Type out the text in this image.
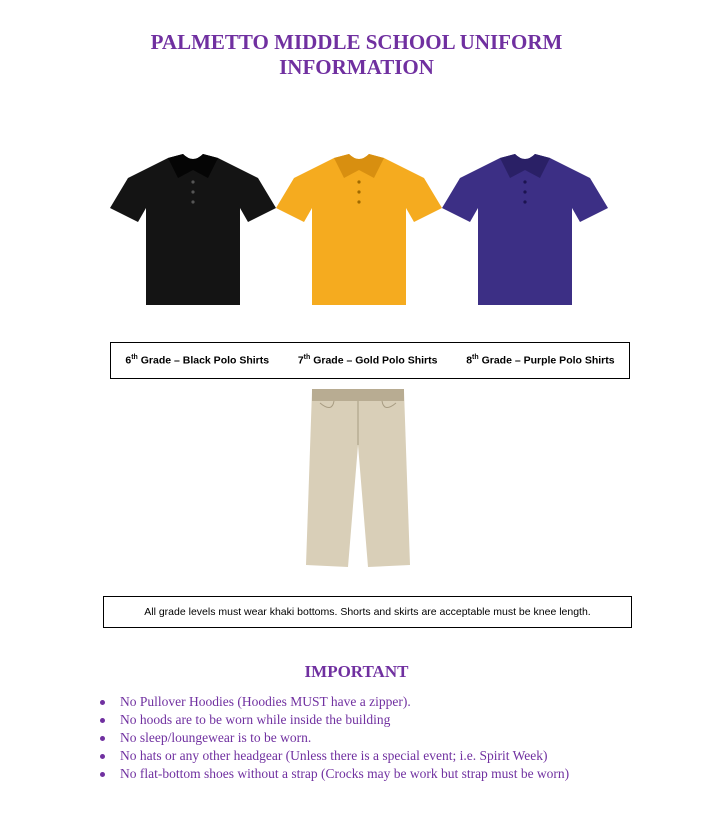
PALMETTO MIDDLE SCHOOL UNIFORM
INFORMATION
6th Grade – Black Polo Shirts	7th Grade – Gold Polo Shirts	8th Grade – Purple Polo Shirts
All grade levels must wear khaki bottoms. Shorts and skirts are acceptable must be knee length.
IMPORTANT
No Pullover Hoodies (Hoodies MUST have a zipper).
No hoods are to be worn while inside the building
No sleep/loungewear is to be worn.
No hats or any other headgear (Unless there is a special event; i.e. Spirit Week)
No flat-bottom shoes without a strap (Crocks may be work but strap must be worn)
